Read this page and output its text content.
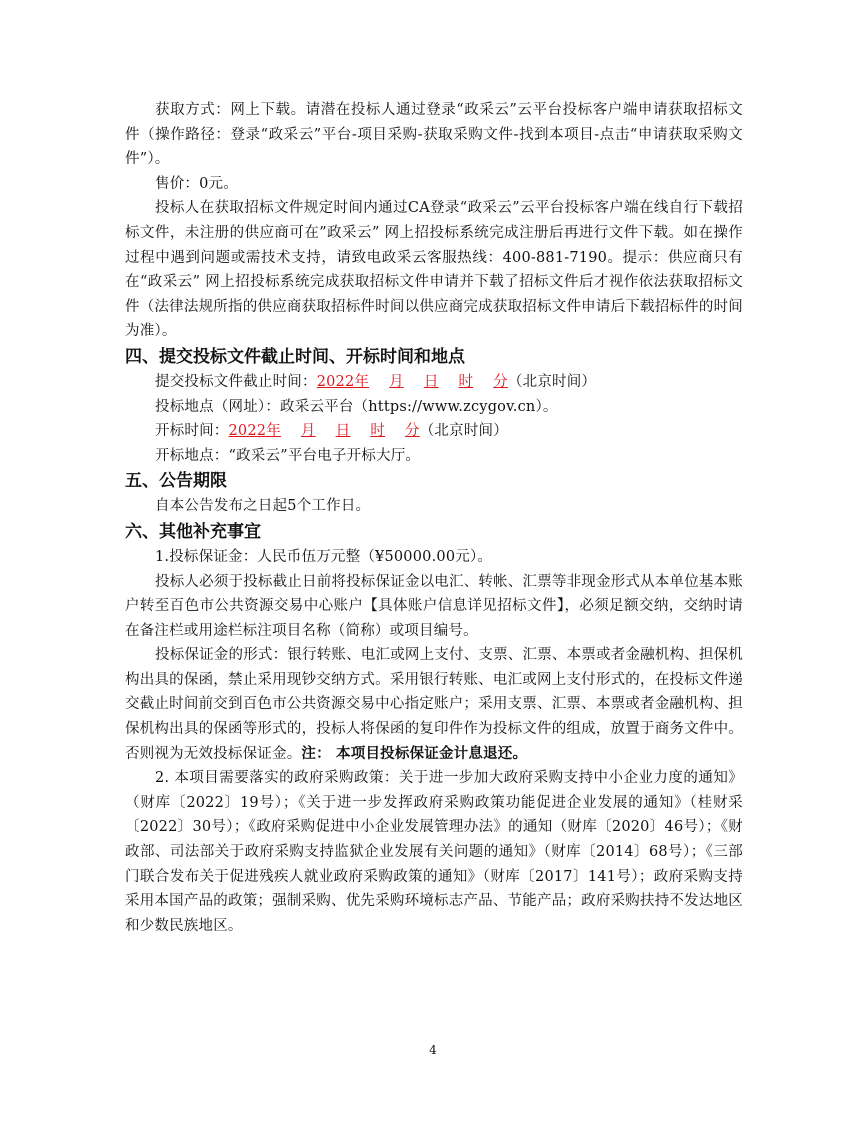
获取方式：网上下载。请潜在投标人通过登录“政采云”云平台投标客户端申请获取招标文件（操作路径：登录“政采云”平台-项目采购-获取采购文件-找到本项目-点击“申请获取采购文件”）。

售价：0元。

投标人在获取招标文件规定时间内通过CA登录“政采云”云平台投标客户端在线自行下载招标文件，未注册的供应商可在”政采云” 网上招投标系统完成注册后再进行文件下载。如在操作过程中遇到问题或需技术支持，请致电政采云客服热线：400-881-7190。提示：供应商只有在“政采云” 网上招投标系统完成获取招标文件申请并下载了招标文件后才视作依法获取招标文件（法律法规所指的供应商获取招标件时间以供应商完成获取招标文件申请后下载招标件的时间为准）。

四、提交投标文件截止时间、开标时间和地点

提交投标文件截止时间：2022年 月 日 时 分（北京时间）

投标地点（网址）：政采云平台（https://www.zcygov.cn）。

开标时间：2022年 月 日 时 分（北京时间）

开标地点：“政采云”平台电子开标大厅。

五、公告期限

自本公告发布之日起5个工作日。

六、其他补充事宜

1.投标保证金：人民币伍万元整（¥50000.00元）。

投标人必须于投标截止日前将投标保证金以电汇、转帐、汇票等非现金形式从本单位基本账户转至百色市公共资源交易中心账户【具体账户信息详见招标文件】，必须足额交纳，交纳时请在备注栏或用途栏标注项目名称（简称）或项目编号。

投标保证金的形式：银行转账、电汇或网上支付、支票、汇票、本票或者金融机构、担保机构出具的保函，禁止采用现钞交纳方式。采用银行转账、电汇或网上支付形式的，在投标文件递交截止时间前交到百色市公共资源交易中心指定账户；采用支票、汇票、本票或者金融机构、担保机构出具的保函等形式的，投标人将保函的复印件作为投标文件的组成，放置于商务文件中。否则视为无效投标保证金。注： 本项目投标保证金计息退还。

2. 本项目需要落实的政府采购政策：关于进一步加大政府采购支持中小企业力度的通知》（财库〔2022〕19号）；《关于进一步发挥政府采购政策功能促进企业发展的通知》（桂财采〔2022〕30号）；《政府采购促进中小企业发展管理办法》的通知（财库〔2020〕46号）；《财政部、司法部关于政府采购支持监狱企业发展有关问题的通知》（财库〔2014〕68号）；《三部门联合发布关于促进残疾人就业政府采购政策的通知》（财库〔2017〕141号）；政府采购支持采用本国产品的政策；强制采购、优先采购环境标志产品、节能产品；政府采购扶持不发达地区和少数民族地区。

4
